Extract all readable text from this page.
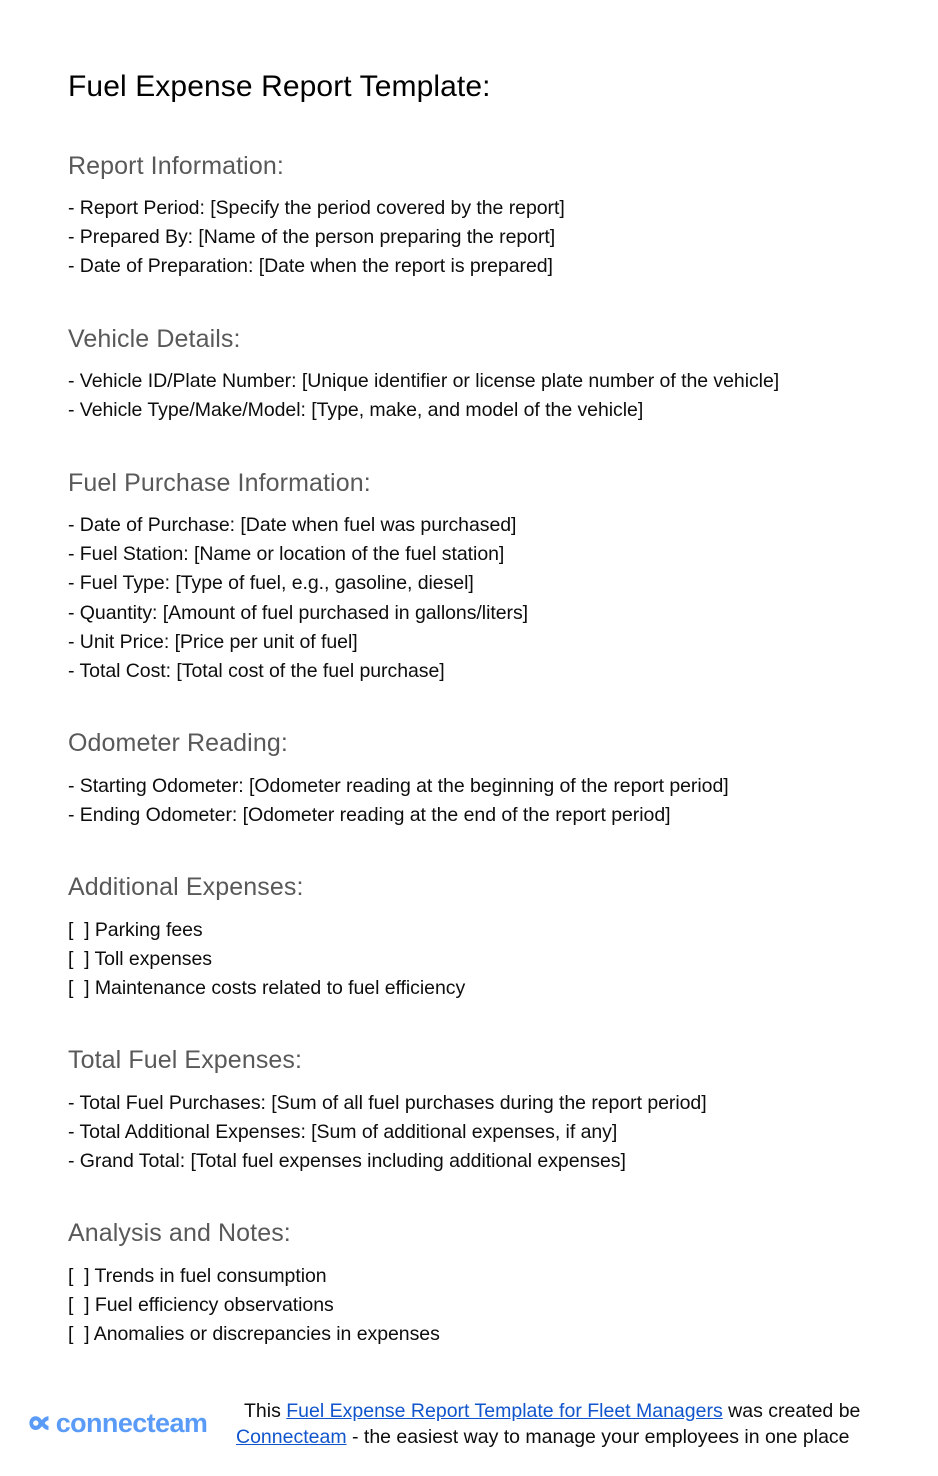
Fuel Expense Report Template:
Report Information:
- Report Period: [Specify the period covered by the report]
- Prepared By: [Name of the person preparing the report]
- Date of Preparation: [Date when the report is prepared]
Vehicle Details:
- Vehicle ID/Plate Number: [Unique identifier or license plate number of the vehicle]
- Vehicle Type/Make/Model: [Type, make, and model of the vehicle]
Fuel Purchase Information:
- Date of Purchase: [Date when fuel was purchased]
- Fuel Station: [Name or location of the fuel station]
- Fuel Type: [Type of fuel, e.g., gasoline, diesel]
- Quantity: [Amount of fuel purchased in gallons/liters]
- Unit Price: [Price per unit of fuel]
- Total Cost: [Total cost of the fuel purchase]
Odometer Reading:
- Starting Odometer: [Odometer reading at the beginning of the report period]
- Ending Odometer: [Odometer reading at the end of the report period]
Additional Expenses:
[  ] Parking fees
[  ] Toll expenses
[  ] Maintenance costs related to fuel efficiency
Total Fuel Expenses:
- Total Fuel Purchases: [Sum of all fuel purchases during the report period]
- Total Additional Expenses: [Sum of additional expenses, if any]
- Grand Total: [Total fuel expenses including additional expenses]
Analysis and Notes:
[  ] Trends in fuel consumption
[  ] Fuel efficiency observations
[  ] Anomalies or discrepancies in expenses
connecteam	This Fuel Expense Report Template for Fleet Managers was created be
Connecteam - the easiest way to manage your employees in one place
